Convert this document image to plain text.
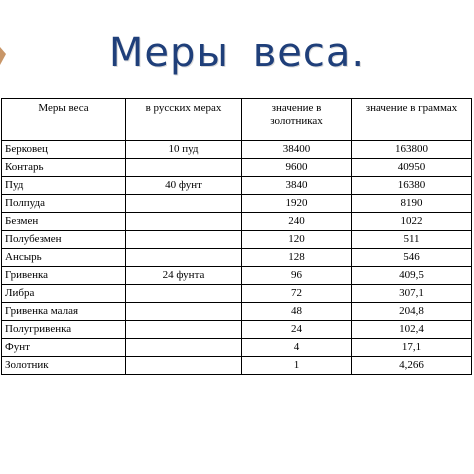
Меры веса.
Меры веса	в русских мерах	значение в золотниках	значение в граммах
Берковец	10 пуд	38400	163800
Контарь		9600	40950
Пуд	40 фунт	3840	16380
Полпуда		1920	8190
Безмен		240	1022
Полубезмен		120	511
Ансырь		128	546
Гривенка	24 фунта	96	409,5
Либра		72	307,1
Гривенка малая		48	204,8
Полугривенка		24	102,4
Фунт		4	17,1
Золотник		1	4,266
